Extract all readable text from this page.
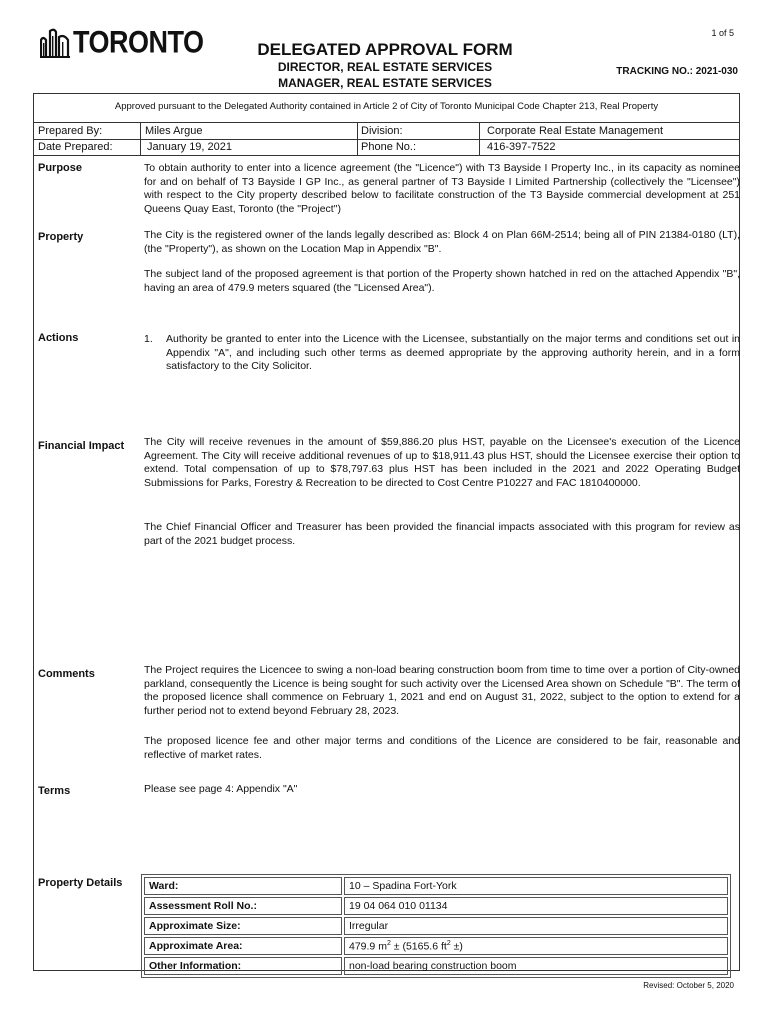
1 of 5
TORONTO	DELEGATED APPROVAL FORM
DIRECTOR, REAL ESTATE SERVICES
MANAGER, REAL ESTATE SERVICES
TRACKING NO.: 2021-030
Approved pursuant to the Delegated Authority contained in Article 2 of City of Toronto Municipal Code Chapter 213, Real Property
Prepared By:	Miles Argue	Division:	Corporate Real Estate Management
Date Prepared:	January 19, 2021	Phone No.:	416-397-7522
Purpose	To obtain authority to enter into a licence agreement (the "Licence") with T3 Bayside I Property Inc., in its capacity as nominee for and on behalf of T3 Bayside I GP Inc., as general partner of T3 Bayside I Limited Partnership (collectively the "Licensee") with respect to the City property described below to facilitate construction of the T3 Bayside commercial development at 251 Queens Quay East, Toronto (the "Project")
Property	The City is the registered owner of the lands legally described as: Block 4 on Plan 66M-2514; being all of PIN 21384-0180 (LT), (the "Property"), as shown on the Location Map in Appendix "B".
The subject land of the proposed agreement is that portion of the Property shown hatched in red on the attached Appendix "B", having an area of 479.9 meters squared (the "Licensed Area").
Actions	1.	Authority be granted to enter into the Licence with the Licensee, substantially on the major terms and conditions set out in Appendix "A", and including such other terms as deemed appropriate by the approving authority herein, and in a form satisfactory to the City Solicitor.
Financial Impact The City will receive revenues in the amount of $59,886.20 plus HST, payable on the Licensee's execution of the Licence Agreement. The City will receive additional revenues of up to $18,911.43 plus HST, should the Licensee exercise their option to extend. Total compensation of up to $78,797.63 plus HST has been included in the 2021 and 2022 Operating Budget Submissions for Parks, Forestry & Recreation to be directed to Cost Centre P10227 and FAC 1810400000.
The Chief Financial Officer and Treasurer has been provided the financial impacts associated with this program for review as part of the 2021 budget process.
Comments	The Project requires the Licencee to swing a non-load bearing construction boom from time to time over a portion of City-owned parkland, consequently the Licence is being sought for such activity over the Licensed Area shown on Schedule "B". The term of the proposed licence shall commence on February 1, 2021 and end on August 31, 2022, subject to the option to extend for a further period not to extend beyond February 28, 2023.
The proposed licence fee and other major terms and conditions of the Licence are considered to be fair, reasonable and reflective of market rates.
Terms	Please see page 4: Appendix "A"
Property Details	Ward:	10 – Spadina Fort-York
Assessment Roll No.:	19 04 064 010 01134
Approximate Size:	Irregular
Approximate Area:	479.9 $m^2 \pm (5165.6$ $ft^2$ ±)
Other Information:	non-load bearing construction boom
Revised: October 5, 2020
